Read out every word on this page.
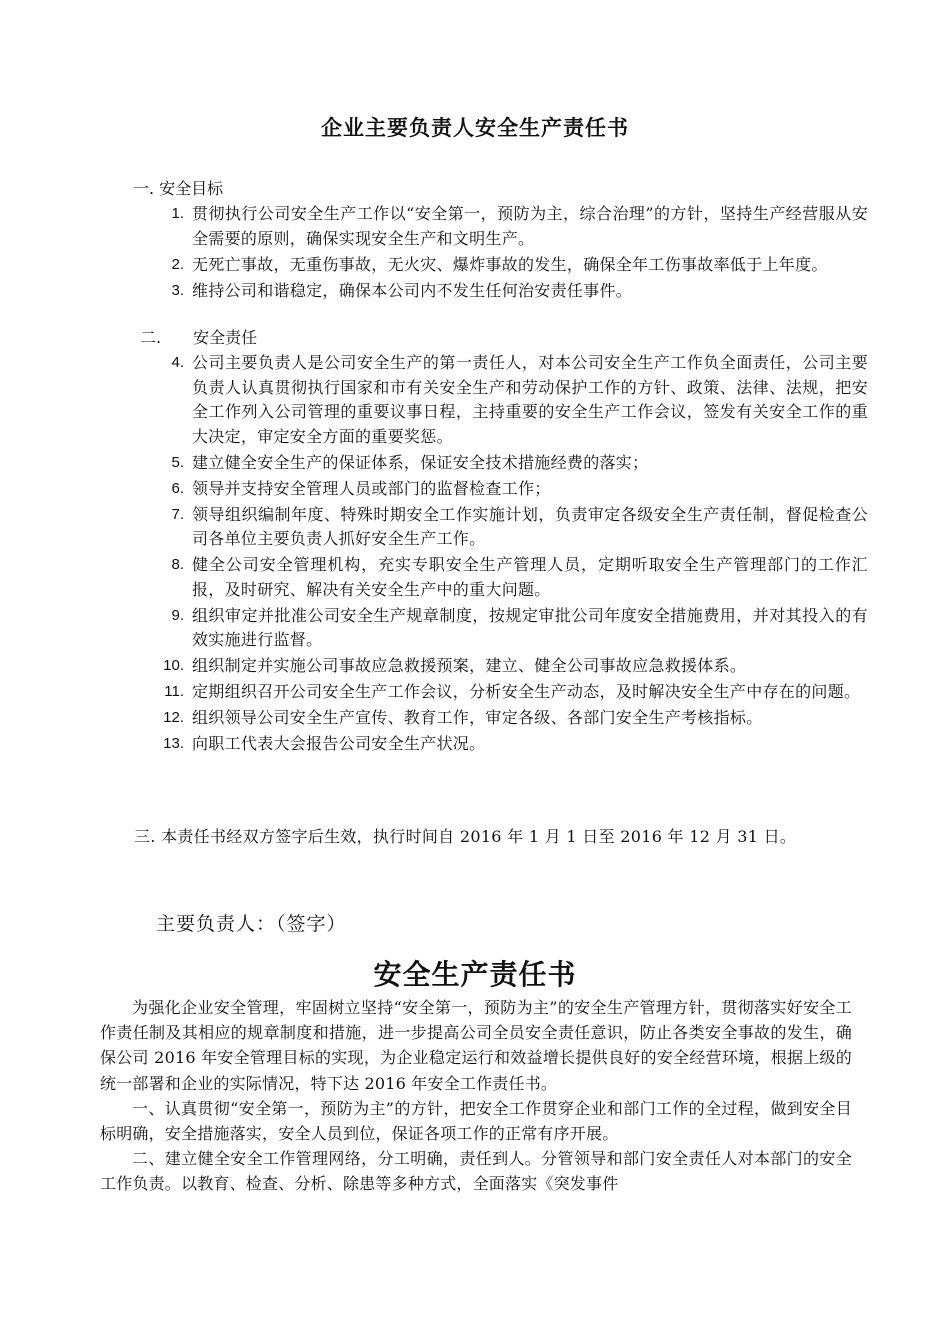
企业主要负责人安全生产责任书
一. 安全目标
1. 贯彻执行公司安全生产工作以“安全第一，预防为主，综合治理”的方针，坚持生产经营服从安全需要的原则，确保实现安全生产和文明生产。
2. 无死亡事故，无重伤事故，无火灾、爆炸事故的发生，确保全年工伤事故率低于上年度。
3. 维持公司和谐稳定，确保本公司内不发生任何治安责任事件。
二.　　安全责任
4. 公司主要负责人是公司安全生产的第一责任人，对本公司安全生产工作负全面责任，公司主要负责人认真贯彻执行国家和市有关安全生产和劳动保护工作的方针、政策、法律、法规，把安全工作列入公司管理的重要议事日程，主持重要的安全生产工作会议，签发有关安全工作的重大决定，审定安全方面的重要奖惩。
5. 建立健全安全生产的保证体系，保证安全技术措施经费的落实；
6. 领导并支持安全管理人员或部门的监督检查工作；
7. 领导组织编制年度、特殊时期安全工作实施计划，负责审定各级安全生产责任制，督促检查公司各单位主要负责人抓好安全生产工作。
8. 健全公司安全管理机构，充实专职安全生产管理人员，定期听取安全生产管理部门的工作汇报，及时研究、解决有关安全生产中的重大问题。
9. 组织审定并批准公司安全生产规章制度，按规定审批公司年度安全措施费用，并对其投入的有效实施进行监督。
10. 组织制定并实施公司事故应急救援预案，建立、健全公司事故应急救援体系。
11. 定期组织召开公司安全生产工作会议，分析安全生产动态，及时解决安全生产中存在的问题。
12. 组织领导公司安全生产宣传、教育工作，审定各级、各部门安全生产考核指标。
13. 向职工代表大会报告公司安全生产状况。
三. 本责任书经双方签字后生效，执行时间自 2016 年 1 月 1 日至 2016 年 12 月 31 日。
主要负责人：（签字）
安全生产责任书

为强化企业安全管理，牢固树立坚持“安全第一，预防为主”的安全生产管理方针，贯彻落实好安全工作责任制及其相应的规章制度和措施，进一步提高公司全员安全责任意识，防止各类安全事故的发生，确保公司 2016 年安全管理目标的实现，为企业稳定运行和效益增长提供良好的安全经营环境，根据上级的统一部署和企业的实际情况，特下达 2016 年安全工作责任书。

一、认真贯彻“安全第一，预防为主”的方针，把安全工作贯穿企业和部门工作的全过程，做到安全目标明确，安全措施落实，安全人员到位，保证各项工作的正常有序开展。

二、建立健全安全工作管理网络，分工明确，责任到人。分管领导和部门安全责任人对本部门的安全工作负责。以教育、检查、分析、除患等多种方式，全面落实《突发事件
